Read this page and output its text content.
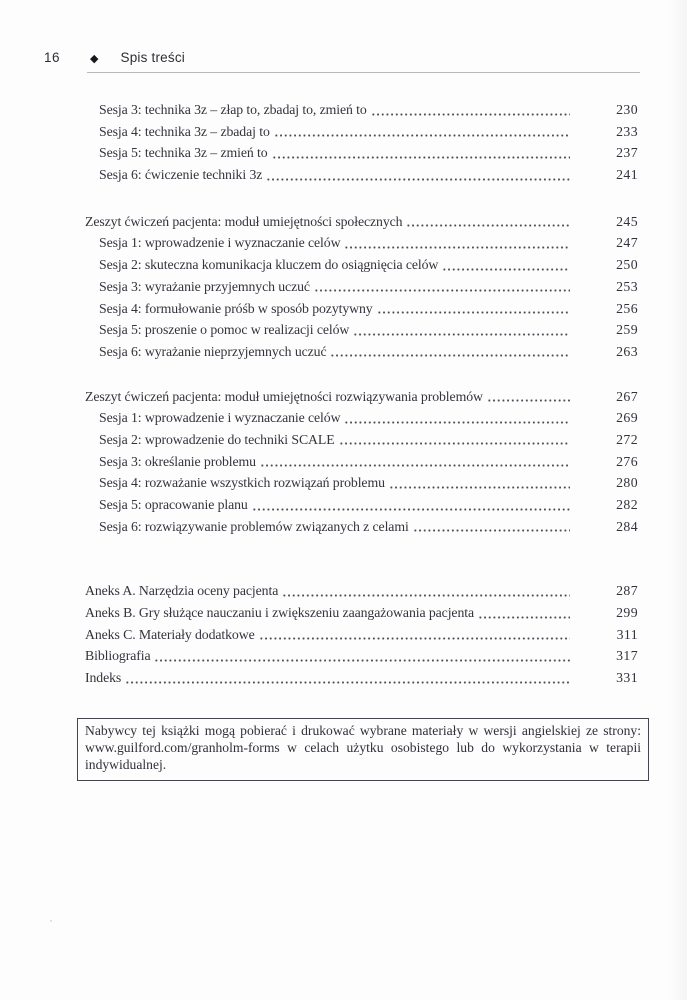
16	◆ Spis treści
Sesja 3: technika 3z – złap to, zbadaj to, zmień to	230
Sesja 4: technika 3z – zbadaj to	233
Sesja 5: technika 3z – zmień to	237
Sesja 6: ćwiczenie techniki 3z	241
Zeszyt ćwiczeń pacjenta: moduł umiejętności społecznych	245
Sesja 1: wprowadzenie i wyznaczanie celów	247
Sesja 2: skuteczna komunikacja kluczem do osiągnięcia celów	250
Sesja 3: wyrażanie przyjemnych uczuć	253
Sesja 4: formułowanie próśb w sposób pozytywny	256
Sesja 5: proszenie o pomoc w realizacji celów	259
Sesja 6: wyrażanie nieprzyjemnych uczuć	263
Zeszyt ćwiczeń pacjenta: moduł umiejętności rozwiązywania problemów	267
Sesja 1: wprowadzenie i wyznaczanie celów	269
Sesja 2: wprowadzenie do techniki SCALE	272
Sesja 3: określanie problemu	276
Sesja 4: rozważanie wszystkich rozwiązań problemu	280
Sesja 5: opracowanie planu	282
Sesja 6: rozwiązywanie problemów związanych z celami	284
Aneks A. Narzędzia oceny pacjenta	287
Aneks B. Gry służące nauczaniu i zwiększeniu zaangażowania pacjenta	299
Aneks C. Materiały dodatkowe	311
Bibliografia	317
Indeks	331
Nabywcy tej książki mogą pobierać i drukować wybrane materiały w wersji angielskiej ze strony: www.guilford.com/granholm-forms w celach użytku osobistego lub do wykorzystania w terapii indywidualnej.
